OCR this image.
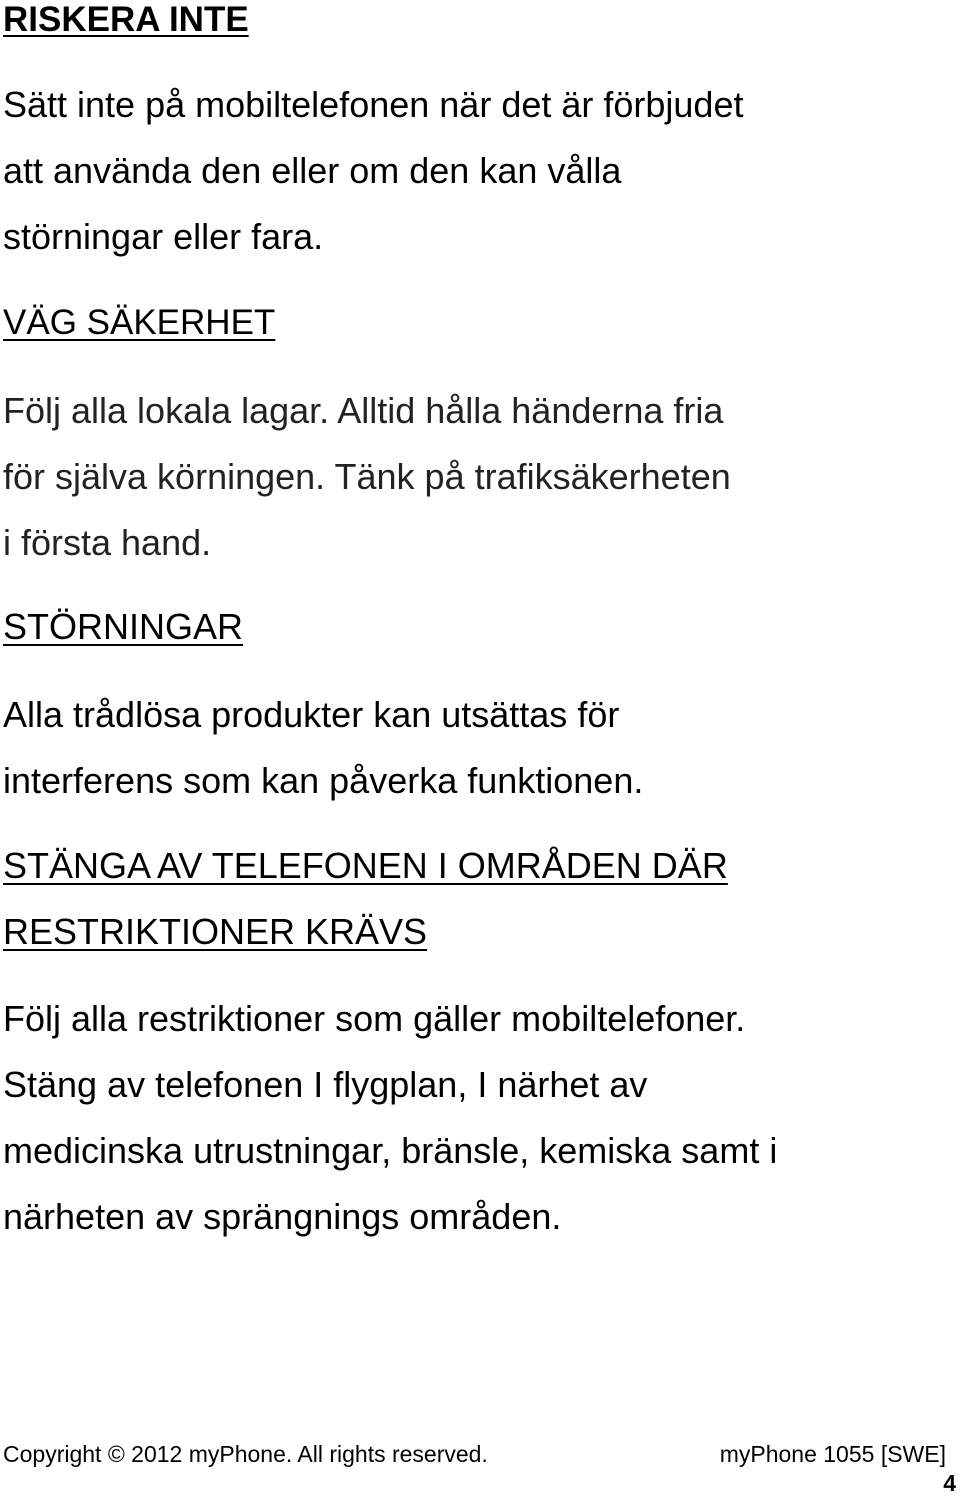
RISKERA INTE

Sätt inte på mobiltelefonen när det är förbjudet
att använda den eller om den kan vålla
störningar eller fara.

VÄG SÄKERHET

Följ alla lokala lagar. Alltid hålla händerna fria
för själva körningen. Tänk på trafiksäkerheten
i första hand.

STÖRNINGAR

Alla trådlösa produkter kan utsättas för
interferens som kan påverka funktionen.

STÄNGA AV TELEFONEN I OMRÅDEN DÄR
RESTRIKTIONER KRÄVS

Följ alla restriktioner som gäller mobiltelefoner.
Stäng av telefonen I flygplan, I närhet av
medicinska utrustningar, bränsle, kemiska samt i
närheten av sprängnings områden.

Copyright © 2012 myPhone. All rights reserved.	myPhone 1055 [SWE]
4
